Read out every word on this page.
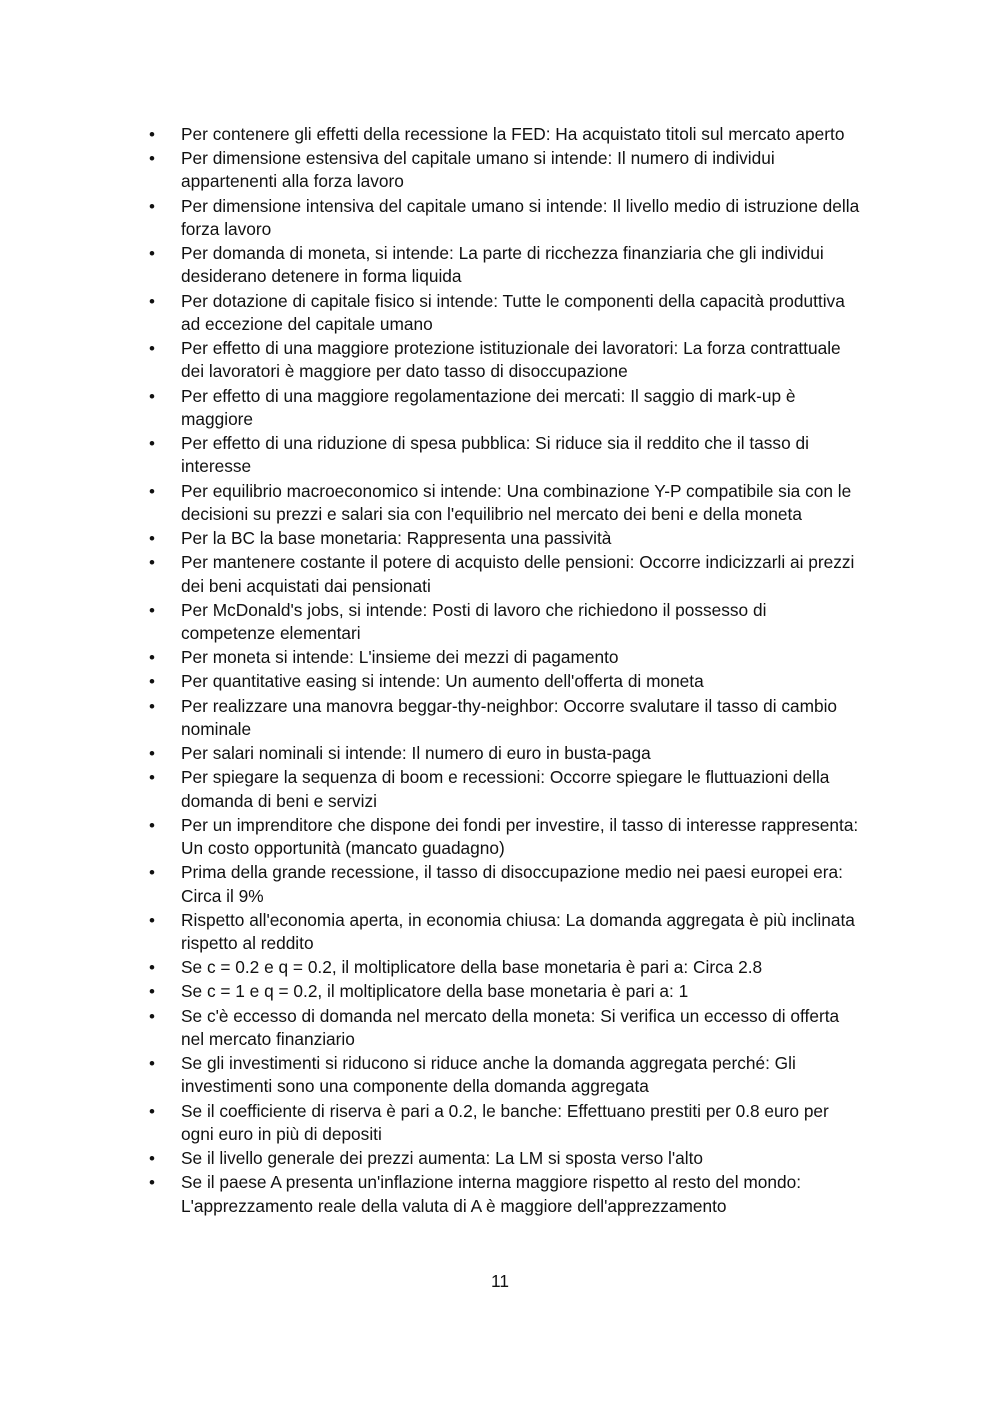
• Per contenere gli effetti della recessione la FED: Ha acquistato titoli sul mercato aperto
• Per dimensione estensiva del capitale umano si intende: Il numero di individui appartenenti alla forza lavoro
• Per dimensione intensiva del capitale umano si intende: Il livello medio di istruzione della forza lavoro
• Per domanda di moneta, si intende: La parte di ricchezza finanziaria che gli individui desiderano detenere in forma liquida
• Per dotazione di capitale fisico si intende: Tutte le componenti della capacità produttiva ad eccezione del capitale umano
• Per effetto di una maggiore protezione istituzionale dei lavoratori: La forza contrattuale dei lavoratori è maggiore per dato tasso di disoccupazione
• Per effetto di una maggiore regolamentazione dei mercati: Il saggio di mark-up è maggiore
• Per effetto di una riduzione di spesa pubblica: Si riduce sia il reddito che il tasso di interesse
• Per equilibrio macroeconomico si intende: Una combinazione Y-P compatibile sia con le decisioni su prezzi e salari sia con l'equilibrio nel mercato dei beni e della moneta
• Per la BC la base monetaria: Rappresenta una passività
• Per mantenere costante il potere di acquisto delle pensioni: Occorre indicizzarli ai prezzi dei beni acquistati dai pensionati
• Per McDonald's jobs, si intende: Posti di lavoro che richiedono il possesso di competenze elementari
• Per moneta si intende: L'insieme dei mezzi di pagamento
• Per quantitative easing si intende: Un aumento dell'offerta di moneta
• Per realizzare una manovra beggar-thy-neighbor: Occorre svalutare il tasso di cambio nominale
• Per salari nominali si intende: Il numero di euro in busta-paga
• Per spiegare la sequenza di boom e recessioni: Occorre spiegare le fluttuazioni della domanda di beni e servizi
• Per un imprenditore che dispone dei fondi per investire, il tasso di interesse rappresenta: Un costo opportunità (mancato guadagno)
• Prima della grande recessione, il tasso di disoccupazione medio nei paesi europei era: Circa il 9%
• Rispetto all'economia aperta, in economia chiusa: La domanda aggregata è più inclinata rispetto al reddito
• Se c = 0.2 e q = 0.2, il moltiplicatore della base monetaria è pari a: Circa 2.8
• Se c = 1 e q = 0.2, il moltiplicatore della base monetaria è pari a: 1
• Se c'è eccesso di domanda nel mercato della moneta: Si verifica un eccesso di offerta nel mercato finanziario
• Se gli investimenti si riducono si riduce anche la domanda aggregata perché: Gli investimenti sono una componente della domanda aggregata
• Se il coefficiente di riserva è pari a 0.2, le banche: Effettuano prestiti per 0.8 euro per ogni euro in più di depositi
• Se il livello generale dei prezzi aumenta: La LM si sposta verso l'alto
• Se il paese A presenta un'inflazione interna maggiore rispetto al resto del mondo: L'apprezzamento reale della valuta di A è maggiore dell'apprezzamento
11
